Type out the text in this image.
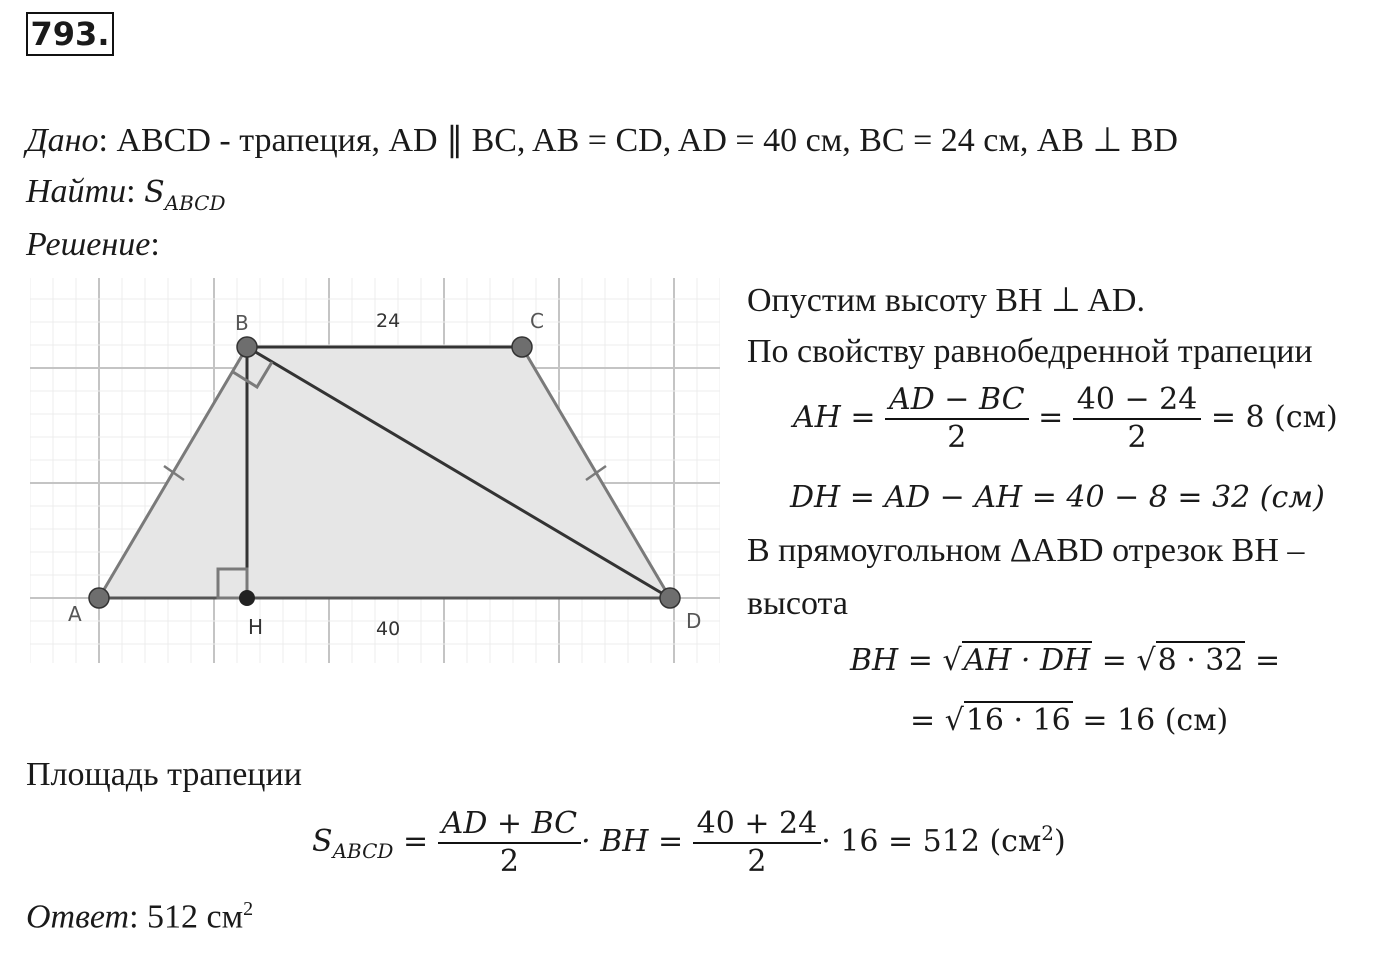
793.
Дано: ABCD - трапеция, AD ∥ BC, AB = CD, AD = 40 см, BC = 24 см, AB ⊥ BD
Найти: $S_{ABCD}$
Решение:
B	C
A	D
H
24
40
Опустим высоту BH ⊥ AD.
По свойству равнобедренной трапеции
AH = $\frac{AD - BC}{2} = \frac{40 - 24}{2} = 8$ (см)
DH = AD − AH = 40 − 8 = 32 (см)
В прямоугольном ΔABD отрезок BH –
высота
BH = √AH · DH = √8 · 32 =
= √16 · 16 = 16 (см)
Площадь трапеции
$S_{ABCD} = \frac{AD + BC}{2}$ · BH = $\frac{40 + 24}{2} \cdot 16 = 512$ $(см^2)$
Ответ: 512 $см^2$
